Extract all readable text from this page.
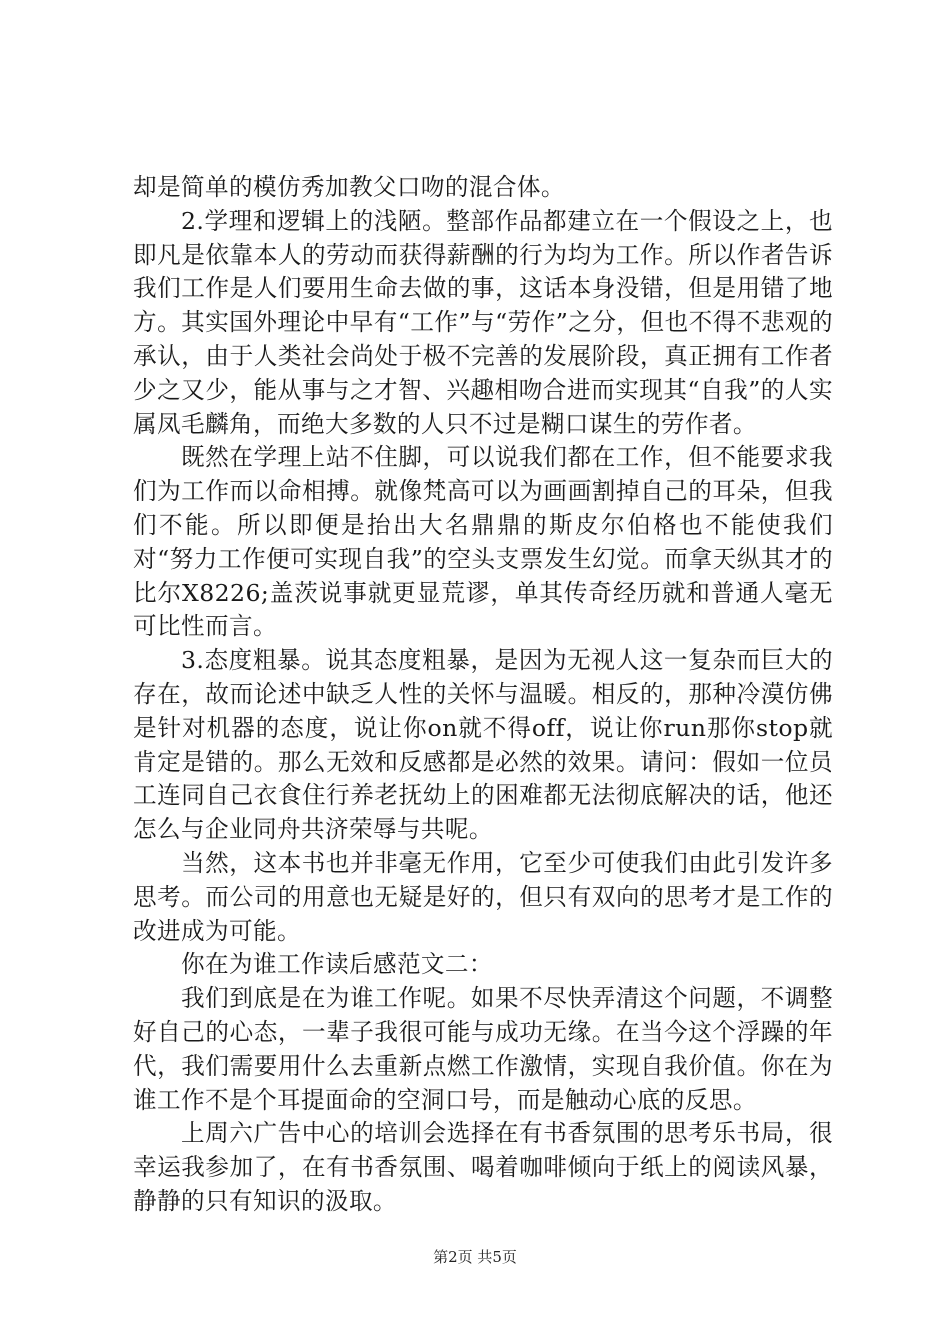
却是简单的模仿秀加教父口吻的混合体。

2.学理和逻辑上的浅陋。整部作品都建立在一个假设之上，也即凡是依靠本人的劳动而获得薪酬的行为均为工作。所以作者告诉我们工作是人们要用生命去做的事，这话本身没错，但是用错了地方。其实国外理论中早有“工作”与“劳作”之分，但也不得不悲观的承认，由于人类社会尚处于极不完善的发展阶段，真正拥有工作者少之又少，能从事与之才智、兴趣相吻合进而实现其“自我”的人实属凤毛麟角，而绝大多数的人只不过是糊口谋生的劳作者。

既然在学理上站不住脚，可以说我们都在工作，但不能要求我们为工作而以命相搏。就像梵高可以为画画割掉自己的耳朵，但我们不能。所以即便是抬出大名鼎鼎的斯皮尔伯格也不能使我们对“努力工作便可实现自我”的空头支票发生幻觉。而拿天纵其才的比尔X8226;盖茨说事就更显荒谬，单其传奇经历就和普通人毫无可比性而言。

3.态度粗暴。说其态度粗暴，是因为无视人这一复杂而巨大的存在，故而论述中缺乏人性的关怀与温暖。相反的，那种冷漠仿佛是针对机器的态度，说让你on就不得off，说让你run那你stop就肯定是错的。那么无效和反感都是必然的效果。请问：假如一位员工连同自己衣食住行养老抚幼上的困难都无法彻底解决的话，他还怎么与企业同舟共济荣辱与共呢。

当然，这本书也并非毫无作用，它至少可使我们由此引发许多思考。而公司的用意也无疑是好的，但只有双向的思考才是工作的改进成为可能。

你在为谁工作读后感范文二：

我们到底是在为谁工作呢。如果不尽快弄清这个问题，不调整好自己的心态，一辈子我很可能与成功无缘。在当今这个浮躁的年代，我们需要用什么去重新点燃工作激情，实现自我价值。你在为谁工作不是个耳提面命的空洞口号，而是触动心底的反思。

上周六广告中心的培训会选择在有书香氛围的思考乐书局，很幸运我参加了，在有书香氛围、喝着咖啡倾向于纸上的阅读风暴，静静的只有知识的汲取。

第2页 共5页
